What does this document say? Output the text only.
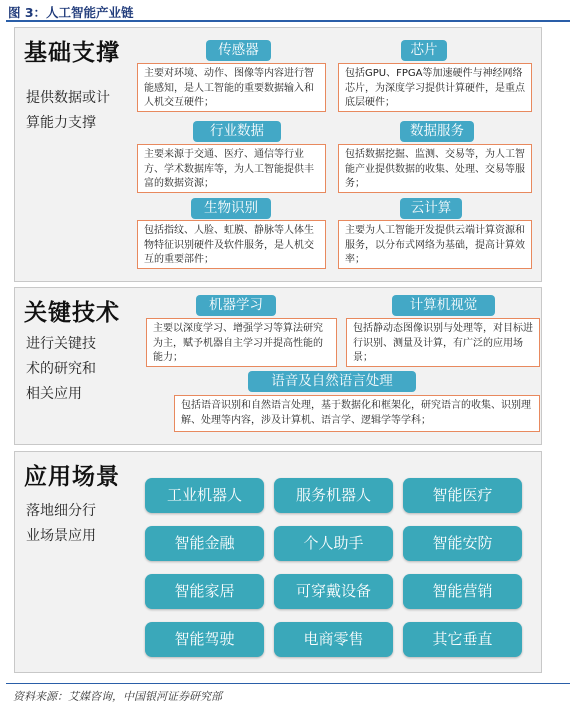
图 3：人工智能产业链
基础支撑
提供数据或计
算能力支撑
传感器
主要对环境、动作、图像等内容进行智能感知，是人工智能的重要数据输入和人机交互硬件；
芯片
包括GPU、FPGA等加速硬件与神经网络芯片，为深度学习提供计算硬件，是重点底层硬件；
行业数据
主要来源于交通、医疗、通信等行业方、学术数据库等，为人工智能提供丰富的数据资源；
数据服务
包括数据挖掘、监测、交易等，为人工智能产业提供数据的收集、处理、交易等服务；
生物识别
包括指纹、人脸、虹膜、静脉等人体生物特征识别硬件及软件服务，是人机交互的重要部件；
云计算
主要为人工智能开发提供云端计算资源和服务，以分布式网络为基础，提高计算效率；
关键技术
进行关键技
术的研究和
相关应用
机器学习
主要以深度学习、增强学习等算法研究为主，赋予机器自主学习并提高性能的能力；
计算机视觉
包括静动态图像识别与处理等，对目标进行识别、测量及计算，有广泛的应用场景；
语音及自然语言处理
包括语音识别和自然语言处理，基于数据化和框架化，研究语言的收集、识别理解、处理等内容，涉及计算机、语言学、逻辑学等学科；
应用场景
落地细分行
业场景应用
工业机器人	服务机器人	智能医疗
智能金融	个人助手	智能安防
智能家居	可穿戴设备	智能营销
智能驾驶	电商零售	其它垂直
资料来源：艾媒咨询，中国银河证券研究部
